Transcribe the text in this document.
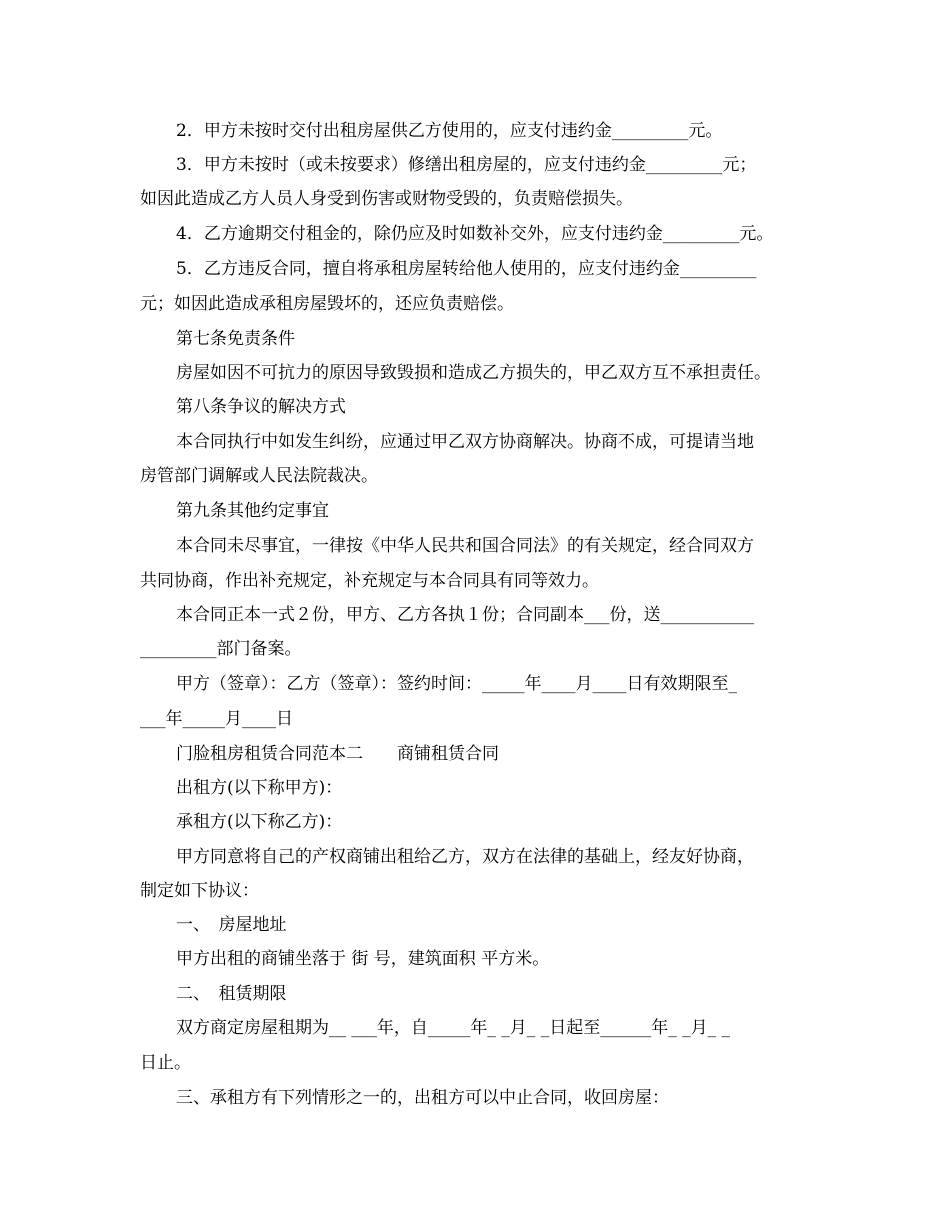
2．甲方未按时交付出租房屋供乙方使用的，应支付违约金_________元。
3．甲方未按时（或未按要求）修缮出租房屋的，应支付违约金_________元；
如因此造成乙方人员人身受到伤害或财物受毁的，负责赔偿损失。
4．乙方逾期交付租金的，除仍应及时如数补交外，应支付违约金_________元。
5．乙方违反合同，擅自将承租房屋转给他人使用的，应支付违约金_________
元；如因此造成承租房屋毁坏的，还应负责赔偿。
第七条免责条件
房屋如因不可抗力的原因导致毁损和造成乙方损失的，甲乙双方互不承担责任。
第八条争议的解决方式
本合同执行中如发生纠纷，应通过甲乙双方协商解决。协商不成，可提请当地
房管部门调解或人民法院裁决。
第九条其他约定事宜
本合同未尽事宜，一律按《中华人民共和国合同法》的有关规定，经合同双方
共同协商，作出补充规定，补充规定与本合同具有同等效力。
本合同正本一式２份，甲方、乙方各执１份；合同副本___份，送___________
_________部门备案。
甲方（签章）：乙方（签章）：签约时间：_____年____月____日有效期限至_
___年_____月____日
门脸租房租赁合同范本二　　商铺租赁合同
出租方(以下称甲方)：
承租方(以下称乙方)：
甲方同意将自己的产权商铺出租给乙方，双方在法律的基础上，经友好协商，
制定如下协议：
一、　房屋地址
甲方出租的商铺坐落于 街 号，建筑面积 平方米。
二、　租赁期限
双方商定房屋租期为__ ___年，自_____年_ _月_ _日起至______年_ _月_ _
日止。
三、承租方有下列情形之一的，出租方可以中止合同，收回房屋：
